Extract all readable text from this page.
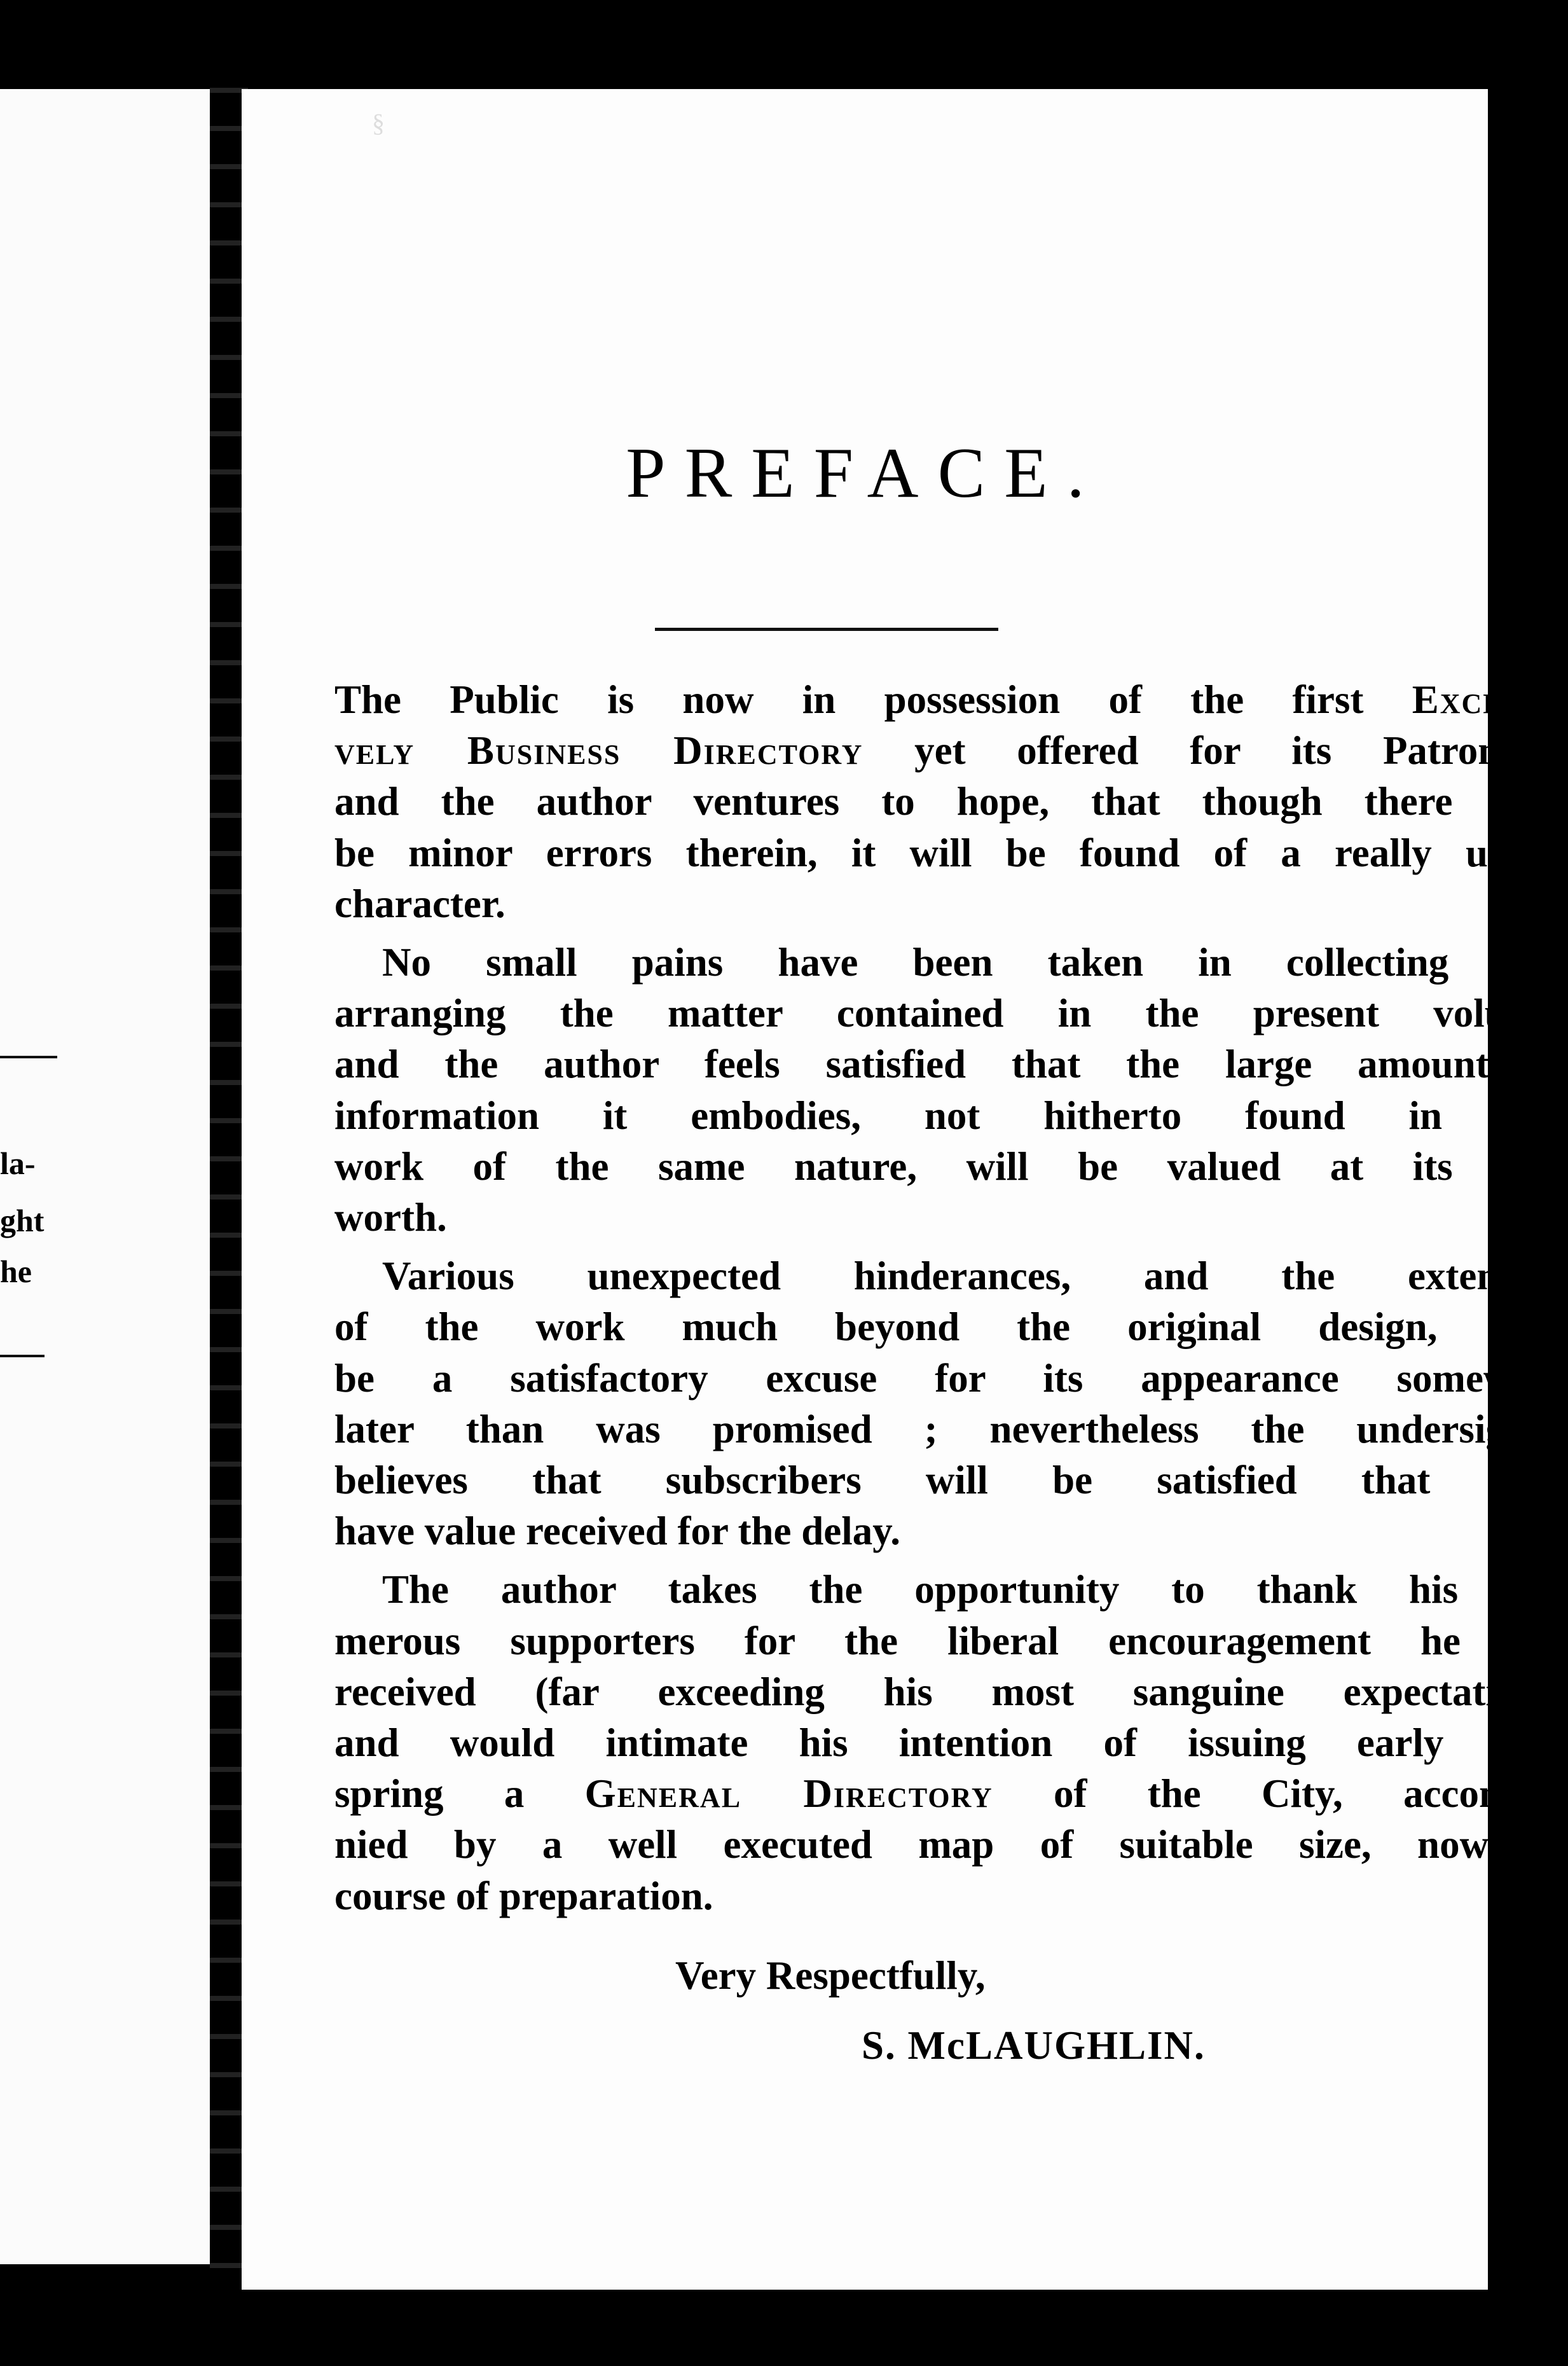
la-
ght
he
§
PREFACE.
The Public is now in possession of the first Exclusi-
vely Business Directory yet offered for its Patronage,
and the author ventures to hope, that though there may
be minor errors therein, it will be found of a really useful
character.
No small pains have been taken in collecting and
arranging the matter contained in the present volume,
and the author feels satisfied that the large amount of
information it embodies, not hitherto found in any
work of the same nature, will be valued at its real
worth.
Various unexpected hinderances, and the extension
of the work much beyond the original design, may
be a satisfactory excuse for its appearance somewhat
later than was promised ; nevertheless the undersigned
believes that subscribers will be satisfied that they
have value received for the delay.
The author takes the opportunity to thank his nu-
merous supporters for the liberal encouragement he has
received (far exceeding his most sanguine expectations)
and would intimate his intention of issuing early next
spring a General Directory of the City, accompa-
nied by a well executed map of suitable size, now in
course of preparation.
Very Respectfully,
S. McLAUGHLIN.
